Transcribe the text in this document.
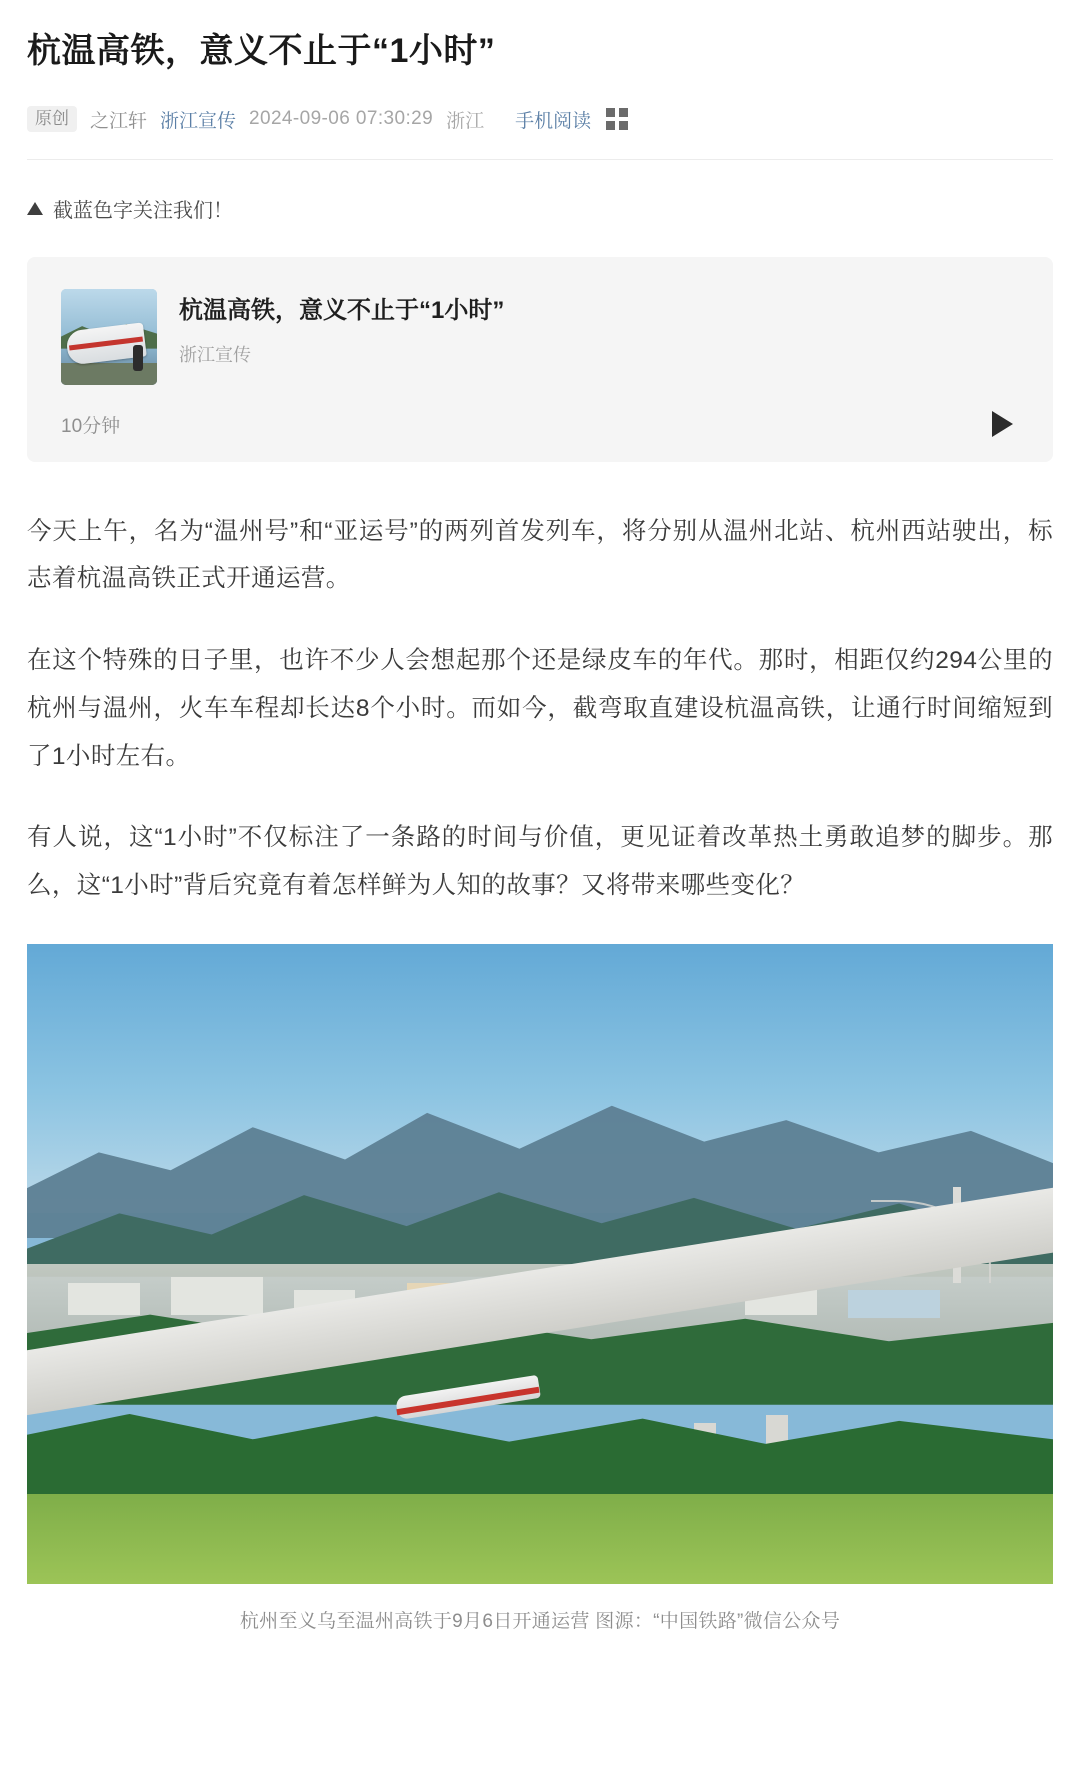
杭温高铁，意义不止于“1小时”
原创	之江轩 浙江宣传 2024-09-06 07:30:29 浙江 手机阅读
截蓝色字关注我们！
杭温高铁，意义不止于“1小时”
浙江宣传
10分钟

今天上午，名为“温州号”和“亚运号”的两列首发列车，将分别从温州北站、杭州西站驶出，标志着杭温高铁正式开通运营。

在这个特殊的日子里，也许不少人会想起那个还是绿皮车的年代。那时，相距仅约294公里的杭州与温州，火车车程却长达8个小时。而如今，截弯取直建设杭温高铁，让通行时间缩短到了1小时左右。

有人说，这“1小时”不仅标注了一条路的时间与价值，更见证着改革热土勇敢追梦的脚步。那么，这“1小时”背后究竟有着怎样鲜为人知的故事？又将带来哪些变化？

杭州至义乌至温州高铁于9月6日开通运营 图源：“中国铁路”微信公众号
